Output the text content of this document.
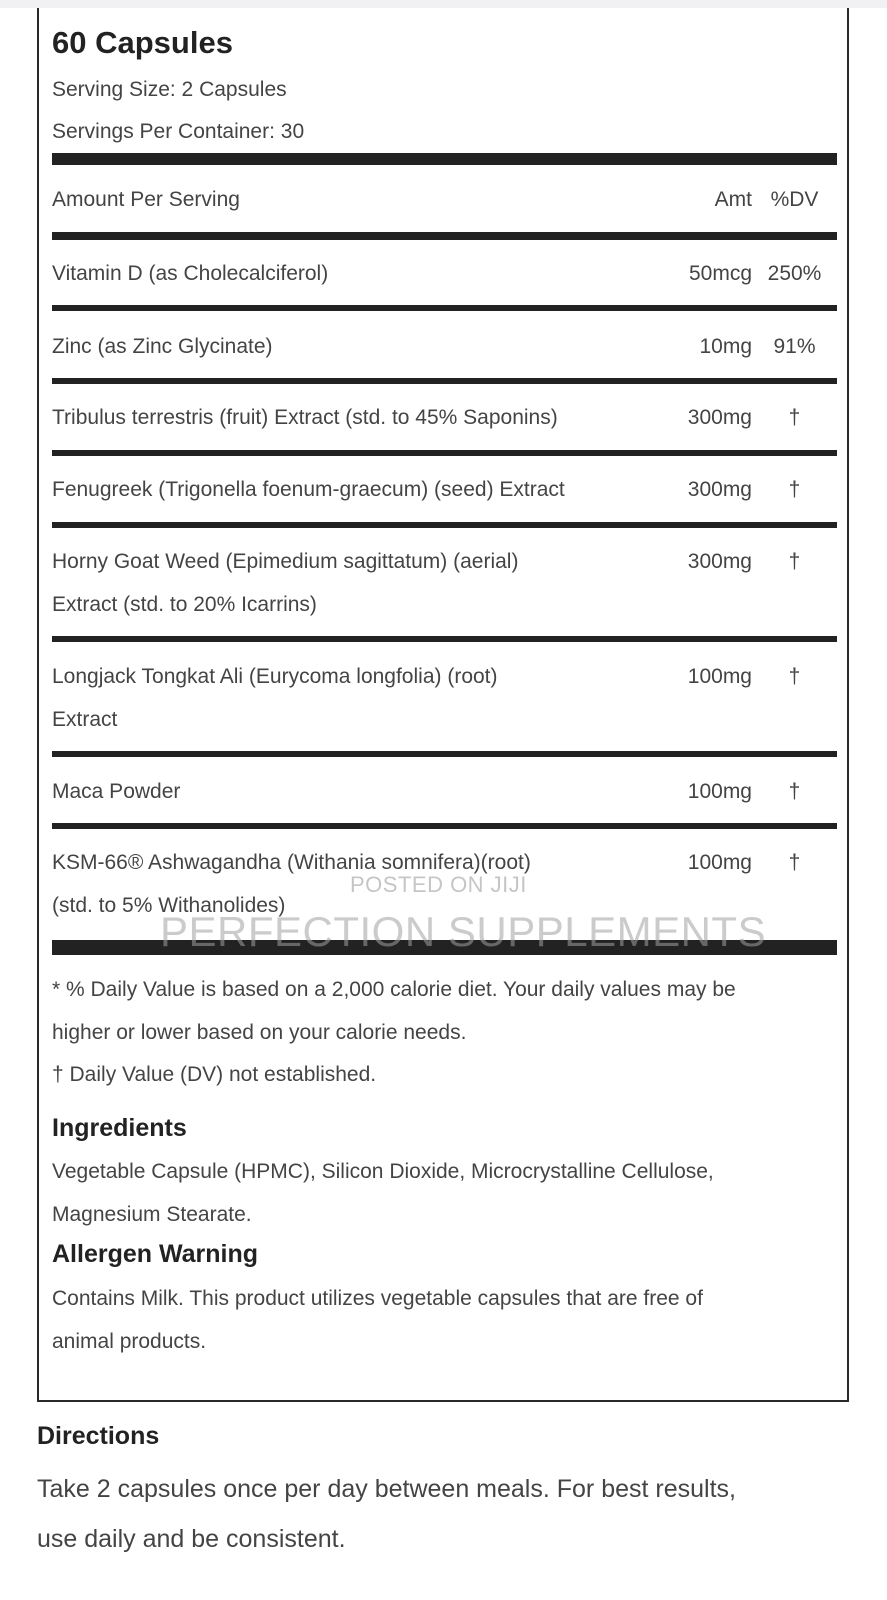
60 Capsules
Serving Size: 2 Capsules
Servings Per Container: 30
Amount Per Serving	Amt %DV
Vitamin D (as Cholecalciferol)	50mcg 250%
Zinc (as Zinc Glycinate)	10mg	91%
Tribulus terrestris (fruit) Extract (std. to 45% Saponins)	300mg	†
Fenugreek (Trigonella foenum-graecum) (seed) Extract	300mg	†
Horny Goat Weed (Epimedium sagittatum) (aerial)
Extract (std. to 20% Icarrins)
300mg	†
Longjack Tongkat Ali (Eurycoma longfolia) (root)
Extract
100mg	†
Maca Powder	100mg	†
KSM-66® Ashwagandha (Withania somnifera)(root)
(std. to 5% Withanolides)
100mg	†
* % Daily Value is based on a 2,000 calorie diet. Your daily values may be
higher or lower based on your calorie needs.
† Daily Value (DV) not established.
Ingredients
Vegetable Capsule (HPMC), Silicon Dioxide, Microcrystalline Cellulose,
Magnesium Stearate.
Allergen Warning
Contains Milk. This product utilizes vegetable capsules that are free of
animal products.
POSTED ON JIJI
PERFECTION SUPPLEMENTS
Directions
Take 2 capsules once per day between meals. For best results,
use daily and be consistent.
